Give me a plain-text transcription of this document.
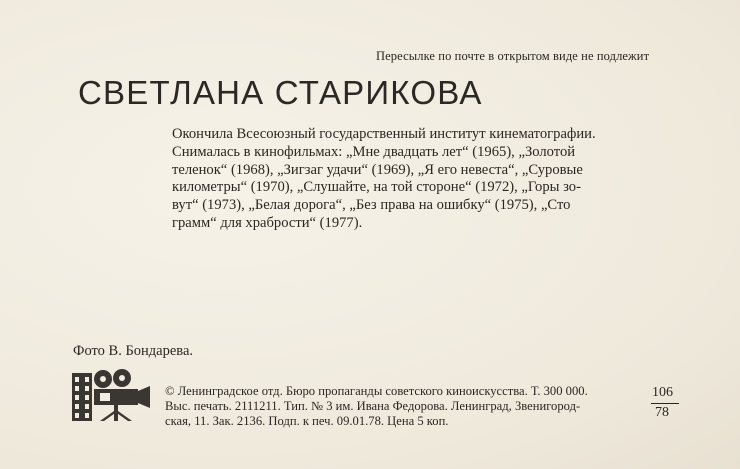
Пересылке по почте в открытом виде не подлежит
СВЕТЛАНА СТАРИКОВА
Окончила Всесоюзный государственный институт кинематографии.
Снималась в кинофильмах: „Мне двадцать лет“ (1965), „Золотой
теленок“ (1968), „Зигзаг удачи“ (1969), „Я его невеста“, „Суровые
километры“ (1970), „Слушайте, на той стороне“ (1972), „Горы зо-
вут“ (1973), „Белая дорога“, „Без права на ошибку“ (1975), „Сто
грамм“ для храбрости“ (1977).
Фото В. Бондарева.
© Ленинградское отд. Бюро пропаганды советского киноискусства. Т. 300 000.
Выс. печать. 2111211. Тип. № 3 им. Ивана Федорова. Ленинград, Звенигород-
ская, 11. Зак. 2136. Подп. к печ. 09.01.78. Цена 5 коп.
106
78
